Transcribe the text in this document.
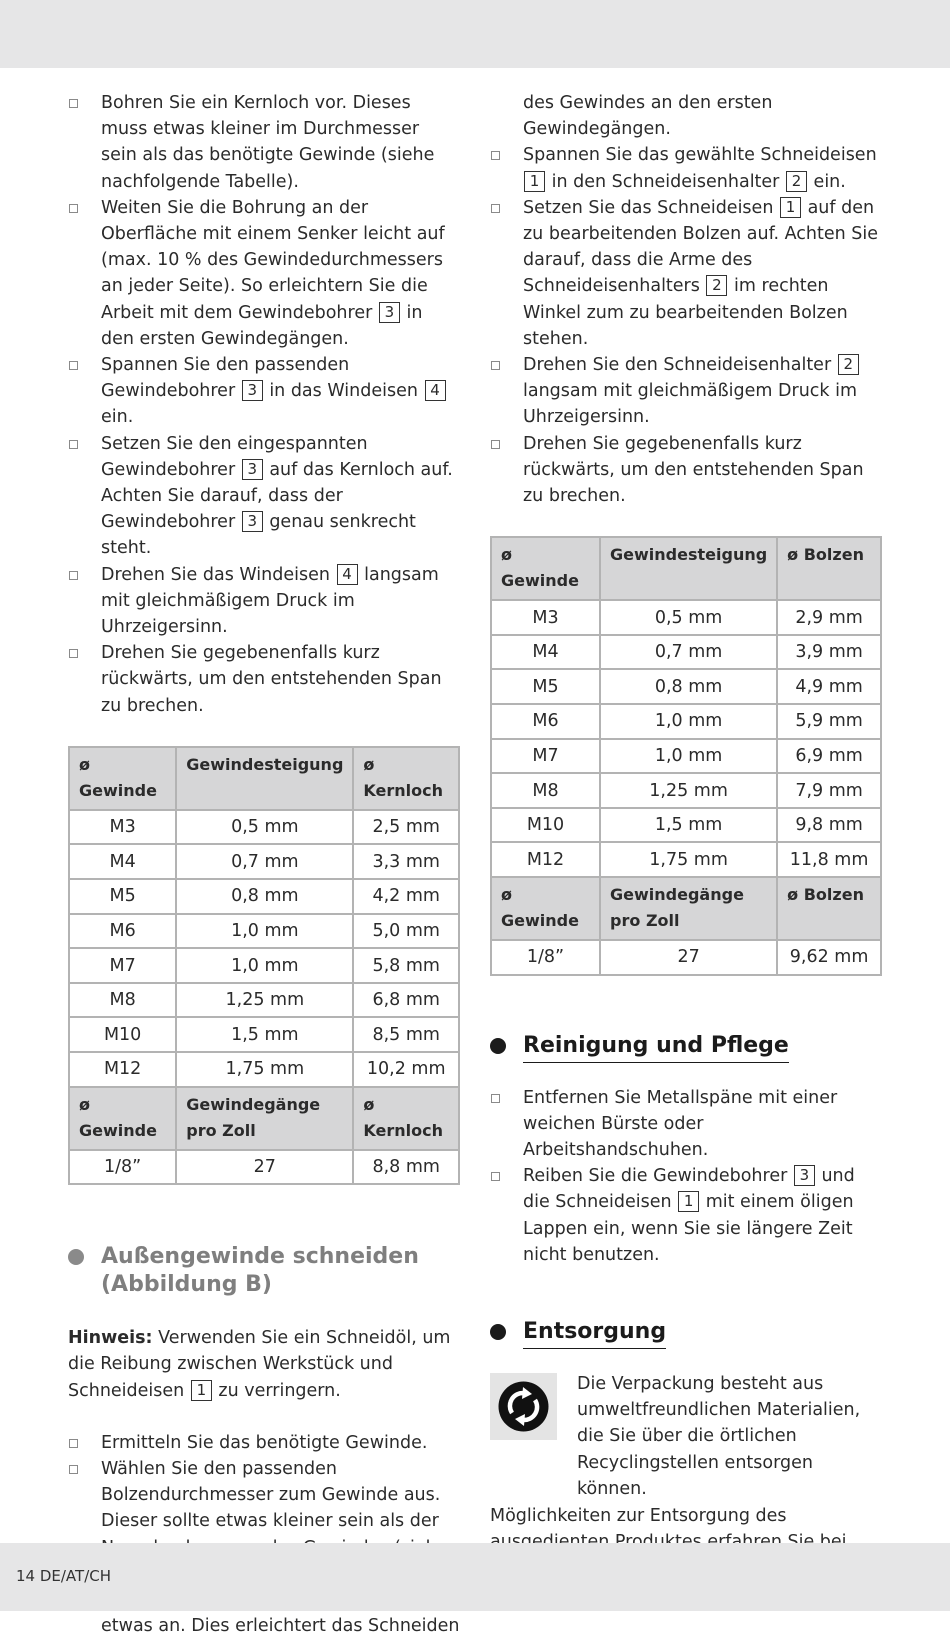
Bohren Sie ein Kernloch vor. Dieses muss etwas kleiner im Durchmesser sein als das benötigte Gewinde (siehe nachfolgende Tabelle).
Weiten Sie die Bohrung an der Oberfläche mit einem Senker leicht auf (max. 10 % des Gewindedurchmessers an jeder Seite). So erleichtern Sie die Arbeit mit dem Gewindebohrer 3 in den ersten Gewindegängen.
Spannen Sie den passenden Gewindebohrer 3 in das Windeisen 4 ein.
Setzen Sie den eingespannten Gewindebohrer 3 auf das Kernloch auf. Achten Sie darauf, dass der Gewindebohrer 3 genau senkrecht steht.
Drehen Sie das Windeisen 4 langsam mit gleichmäßigem Druck im Uhrzeigersinn.
Drehen Sie gegebenenfalls kurz rückwärts, um den entstehenden Span zu brechen.
ø Gewinde	Gewindesteigung	ø Kernloch
M3	0,5 mm	2,5 mm
M4	0,7 mm	3,3 mm
M5	0,8 mm	4,2 mm
M6	1,0 mm	5,0 mm
M7	1,0 mm	5,8 mm
M8	1,25 mm	6,8 mm
M10	1,5 mm	8,5 mm
M12	1,75 mm	10,2 mm
ø Gewinde	Gewindegänge pro Zoll	ø Kernloch
1/8”	27	8,8 mm
Außengewinde schneiden (Abbildung B)

Hinweis: Verwenden Sie ein Schneidöl, um die Reibung zwischen Werkstück und Schneideisen 1 zu verringern.

Ermitteln Sie das benötigte Gewinde.
Wählen Sie den passenden Bolzendurchmesser zum Gewinde aus. Dieser sollte etwas kleiner sein als der
etwas an. Dies erleichtert das Schneiden

des Gewindes an den ersten Gewindegängen.

Spannen Sie das gewählte Schneideisen 1 in den Schneideisenhalter 2 ein.
Setzen Sie das Schneideisen 1 auf den zu bearbeitenden Bolzen auf. Achten Sie darauf, dass die Arme des Schneideisenhalters 2 im rechten Winkel zum zu bearbeitenden Bolzen stehen.
Drehen Sie den Schneideisenhalter 2 langsam mit gleichmäßigem Druck im Uhrzeigersinn.
Drehen Sie gegebenenfalls kurz rückwärts, um den entstehenden Span zu brechen.
ø Gewinde	Gewindesteigung	ø Bolzen
M3	0,5 mm	2,9 mm
M4	0,7 mm	3,9 mm
M5	0,8 mm	4,9 mm
M6	1,0 mm	5,9 mm
M7	1,0 mm	6,9 mm
M8	1,25 mm	7,9 mm
M10	1,5 mm	9,8 mm
M12	1,75 mm	11,8 mm
ø Gewinde	Gewindegänge pro Zoll	ø Bolzen
1/8”	27	9,62 mm
Reinigung und Pflege
Entfernen Sie Metallspäne mit einer weichen Bürste oder Arbeitshandschuhen.
Reiben Sie die Gewindebohrer 3 und die Schneideisen 1 mit einem öligen Lappen ein, wenn Sie sie längere Zeit nicht benutzen.
Entsorgung

Die Verpackung besteht aus umweltfreundlichen Materialien, die Sie über die örtlichen Recyclingstellen entsorgen können.

Möglichkeiten zur Entsorgung des

14 DE/AT/CH
